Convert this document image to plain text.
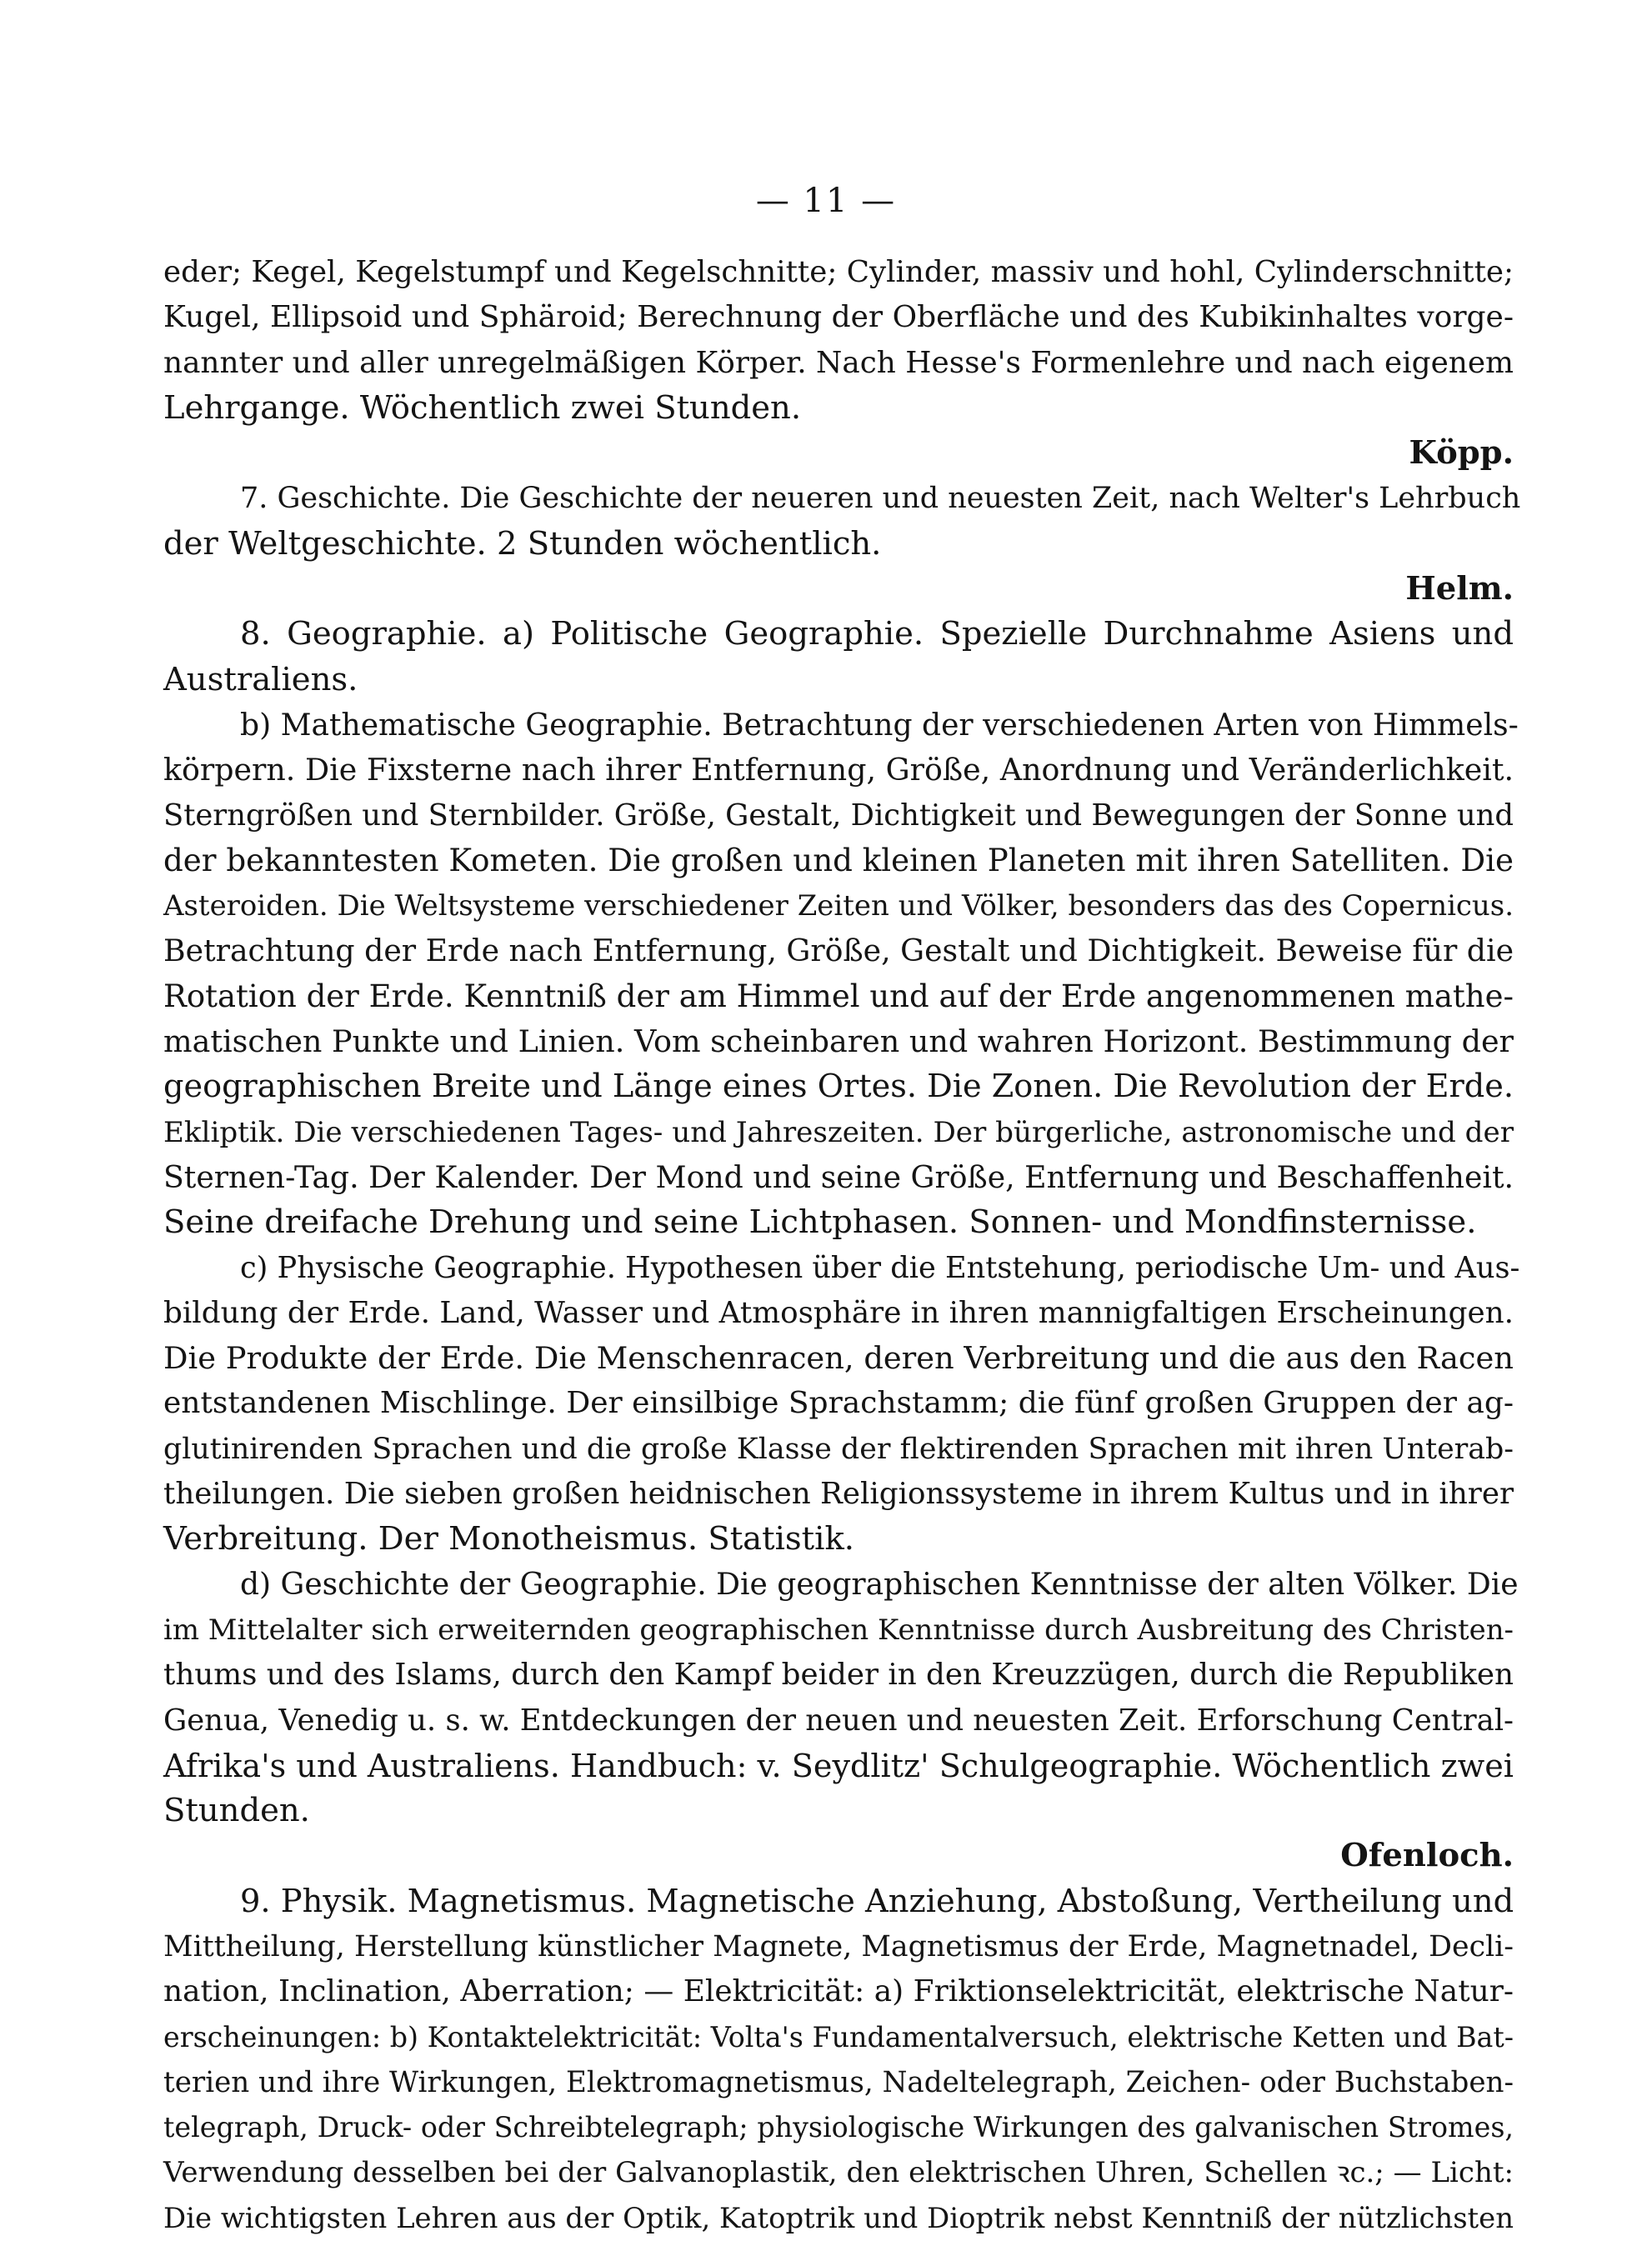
— 11 —
eder; Kegel, Kegelstumpf und Kegelschnitte; Cylinder, massiv und hohl, Cylinderschnitte;
Kugel, Ellipsoid und Sphäroid; Berechnung der Oberfläche und des Kubikinhaltes vorge-
nannter und aller unregelmäßigen Körper. Nach Hesse's Formenlehre und nach eigenem
Lehrgange. Wöchentlich zwei Stunden.
Köpp.
7. Geschichte. Die Geschichte der neueren und neuesten Zeit, nach Welter's Lehrbuch
der Weltgeschichte. 2 Stunden wöchentlich.
Helm.
8. Geographie. a) Politische Geographie. Spezielle Durchnahme Asiens und
Australiens.
b) Mathematische Geographie. Betrachtung der verschiedenen Arten von Himmels-
körpern. Die Fixsterne nach ihrer Entfernung, Größe, Anordnung und Veränderlichkeit.
Sterngrößen und Sternbilder. Größe, Gestalt, Dichtigkeit und Bewegungen der Sonne und
der bekanntesten Kometen. Die großen und kleinen Planeten mit ihren Satelliten. Die
Asteroiden. Die Weltsysteme verschiedener Zeiten und Völker, besonders das des Copernicus.
Betrachtung der Erde nach Entfernung, Größe, Gestalt und Dichtigkeit. Beweise für die
Rotation der Erde. Kenntniß der am Himmel und auf der Erde angenommenen mathe-
matischen Punkte und Linien. Vom scheinbaren und wahren Horizont. Bestimmung der
geographischen Breite und Länge eines Ortes. Die Zonen. Die Revolution der Erde.
Ekliptik. Die verschiedenen Tages- und Jahreszeiten. Der bürgerliche, astronomische und der
Sternen-Tag. Der Kalender. Der Mond und seine Größe, Entfernung und Beschaffenheit.
Seine dreifache Drehung und seine Lichtphasen. Sonnen- und Mondfinsternisse.
c) Physische Geographie. Hypothesen über die Entstehung, periodische Um- und Aus-
bildung der Erde. Land, Wasser und Atmosphäre in ihren mannigfaltigen Erscheinungen.
Die Produkte der Erde. Die Menschenracen, deren Verbreitung und die aus den Racen
entstandenen Mischlinge. Der einsilbige Sprachstamm; die fünf großen Gruppen der ag-
glutinirenden Sprachen und die große Klasse der flektirenden Sprachen mit ihren Unterab-
theilungen. Die sieben großen heidnischen Religionssysteme in ihrem Kultus und in ihrer
Verbreitung. Der Monotheismus. Statistik.
d) Geschichte der Geographie. Die geographischen Kenntnisse der alten Völker. Die
im Mittelalter sich erweiternden geographischen Kenntnisse durch Ausbreitung des Christen-
thums und des Islams, durch den Kampf beider in den Kreuzzügen, durch die Republiken
Genua, Venedig u. s. w. Entdeckungen der neuen und neuesten Zeit. Erforschung Central-
Afrika's und Australiens. Handbuch: v. Seydlitz' Schulgeographie. Wöchentlich zwei
Stunden.
Ofenloch.
9. Physik. Magnetismus. Magnetische Anziehung, Abstoßung, Vertheilung und
Mittheilung, Herstellung künstlicher Magnete, Magnetismus der Erde, Magnetnadel, Decli-
nation, Inclination, Aberration; — Elektricität: a) Friktionselektricität, elektrische Natur-
erscheinungen: b) Kontaktelektricität: Volta's Fundamentalversuch, elektrische Ketten und Bat-
terien und ihre Wirkungen, Elektromagnetismus, Nadeltelegraph, Zeichen- oder Buchstaben-
telegraph, Druck- oder Schreibtelegraph; physiologische Wirkungen des galvanischen Stromes,
Verwendung desselben bei der Galvanoplastik, den elektrischen Uhren, Schellen ꝛc.; — Licht:
Die wichtigsten Lehren aus der Optik, Katoptrik und Dioptrik nebst Kenntniß der nützlichsten
